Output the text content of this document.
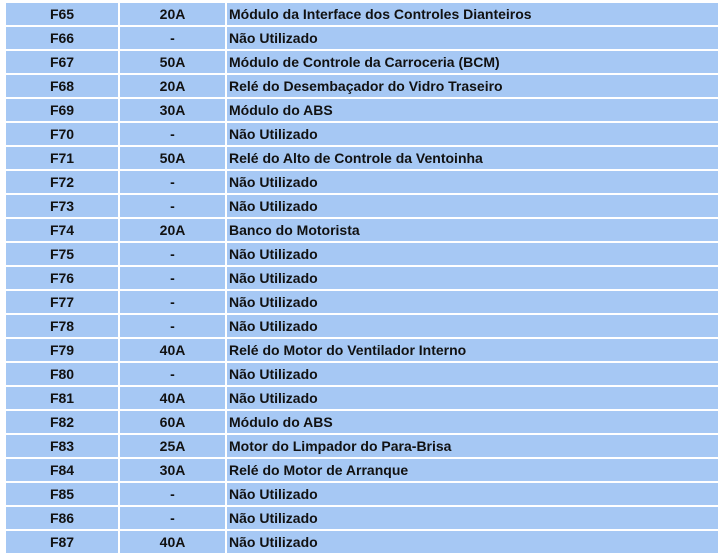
F65	20A	Módulo da Interface dos Controles Dianteiros
F66	-	Não Utilizado
F67	50A	Módulo de Controle da Carroceria (BCM)
F68	20A	Relé do Desembaçador do Vidro Traseiro
F69	30A	Módulo do ABS
F70	-	Não Utilizado
F71	50A	Relé do Alto de Controle da Ventoinha
F72	-	Não Utilizado
F73	-	Não Utilizado
F74	20A	Banco do Motorista
F75	-	Não Utilizado
F76	-	Não Utilizado
F77	-	Não Utilizado
F78	-	Não Utilizado
F79	40A	Relé do Motor do Ventilador Interno
F80	-	Não Utilizado
F81	40A	Não Utilizado
F82	60A	Módulo do ABS
F83	25A	Motor do Limpador do Para-Brisa
F84	30A	Relé do Motor de Arranque
F85	-	Não Utilizado
F86	-	Não Utilizado
F87	40A	Não Utilizado
